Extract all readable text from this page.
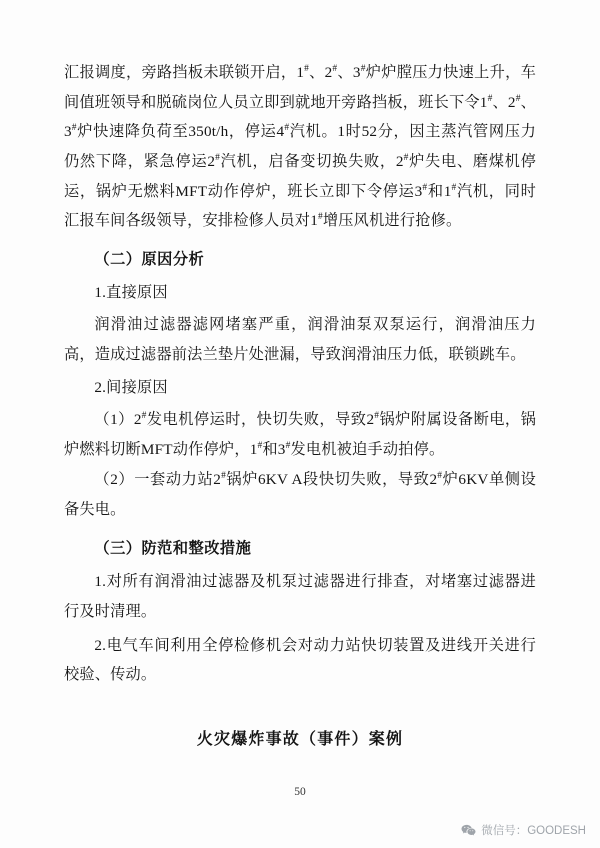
汇报调度，旁路挡板未联锁开启，1#、2#、3#炉炉膛压力快速上升，车间值班领导和脱硫岗位人员立即到就地开旁路挡板，班长下令1#、2#、3#炉快速降负荷至350t/h，停运4#汽机。1时52分，因主蒸汽管网压力仍然下降，紧急停运2#汽机，启备变切换失败，2#炉失电、磨煤机停运，锅炉无燃料MFT动作停炉，班长立即下令停运3#和1#汽机，同时汇报车间各级领导，安排检修人员对1#增压风机进行抢修。

（二）原因分析

1.直接原因

润滑油过滤器滤网堵塞严重，润滑油泵双泵运行，润滑油压力高，造成过滤器前法兰垫片处泄漏，导致润滑油压力低，联锁跳车。

2.间接原因

（1）2#发电机停运时，快切失败，导致2#锅炉附属设备断电，锅炉燃料切断MFT动作停炉，1#和3#发电机被迫手动拍停。

（2）一套动力站2#锅炉6KV A段快切失败，导致2#炉6KV单侧设备失电。

（三）防范和整改措施

1.对所有润滑油过滤器及机泵过滤器进行排查，对堵塞过滤器进行及时清理。

2.电气车间利用全停检修机会对动力站快切装置及进线开关进行校验、传动。

火灾爆炸事故（事件）案例

50
微信号：GOODESH
